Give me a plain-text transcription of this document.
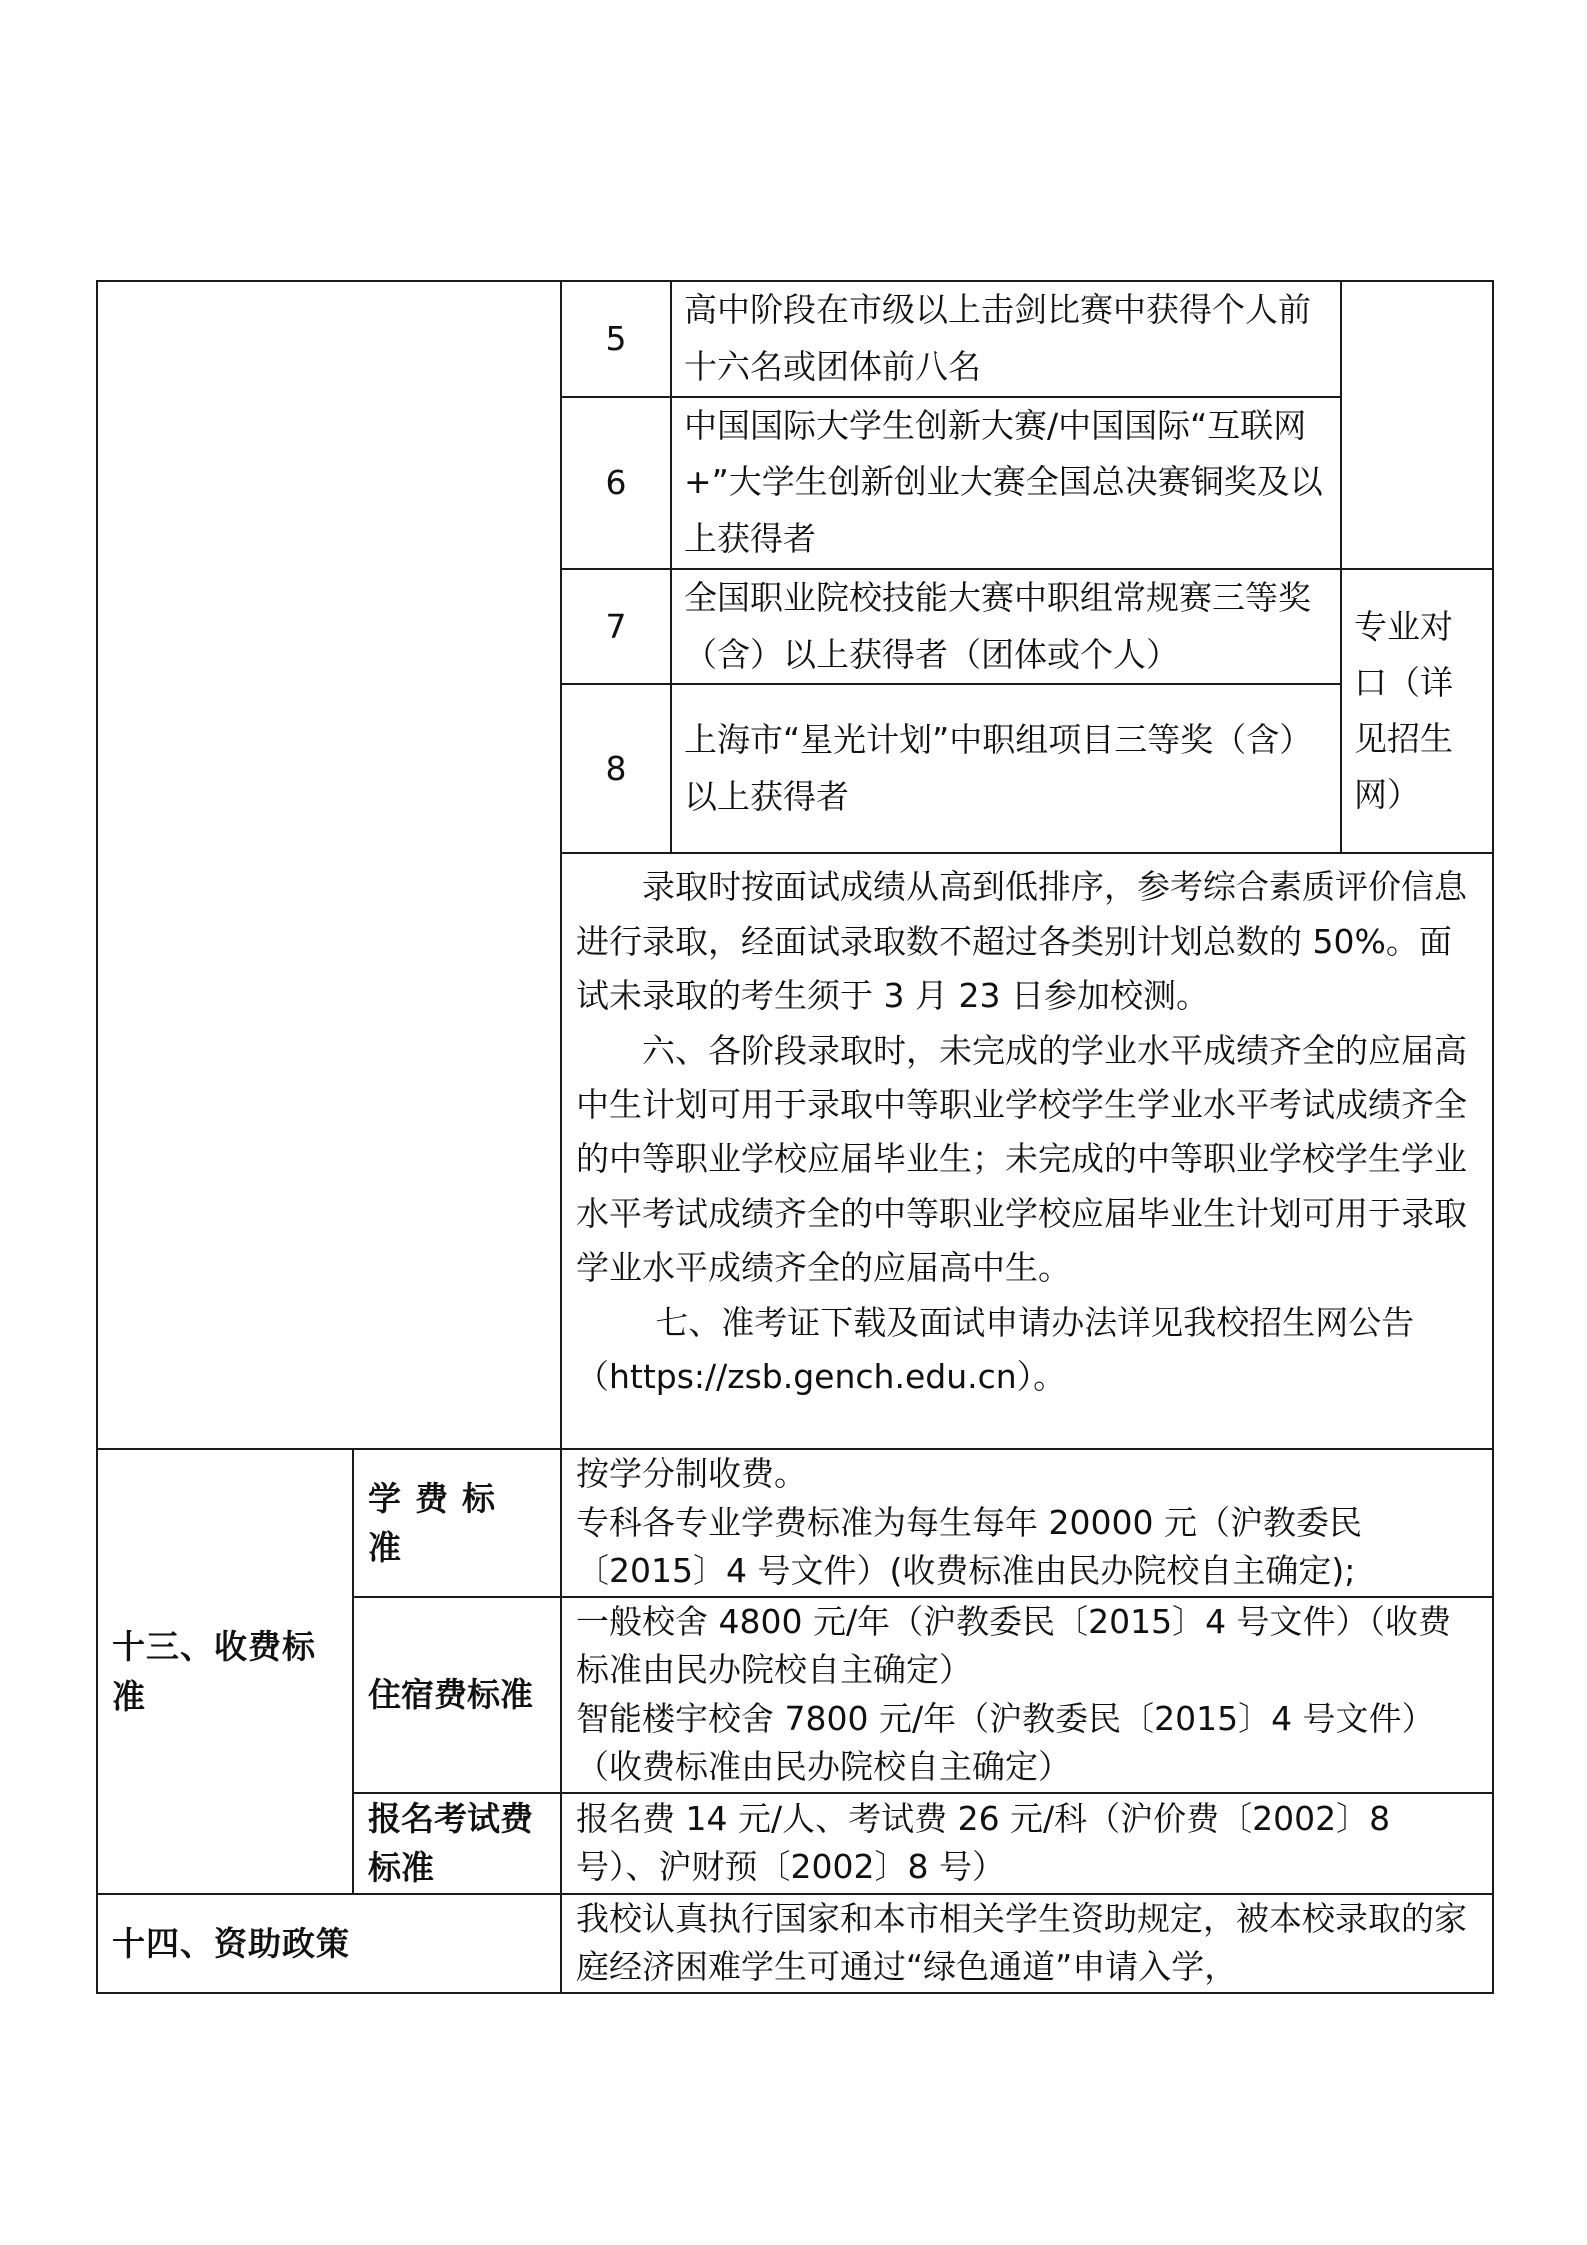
		5	高中阶段在市级以上击剑比赛中获得个人前十六名或团体前八名	
		6	中国国际大学生创新大赛/中国国际“互联网+”大学生创新创业大赛全国总决赛铜奖及以上获得者	
		7	全国职业院校技能大赛中职组常规赛三等奖（含）以上获得者（团体或个人）	专业对口（详见招生网）
		8	上海市“星光计划”中职组项目三等奖（含）以上获得者	

		录取时按面试成绩从高到低排序，参考综合素质评价信息进行录取，经面试录取数不超过各类别计划总数的 50%。面试未录取的考生须于 3 月 23 日参加校测。

六、各阶段录取时，未完成的学业水平成绩齐全的应届高中生计划可用于录取中等职业学校学生学业水平考试成绩齐全的中等职业学校应届毕业生；未完成的中等职业学校学生学业水平考试成绩齐全的中等职业学校应届毕业生计划可用于录取学业水平成绩齐全的应届高中生。

七、准考证下载及面试申请办法详见我校招生网公告（https://zsb.gench.edu.cn）。		

十三、收费标准	学费标准	按学分制收费。
专科各专业学费标准为每生每年 20000 元（沪教委民〔2015〕4 号文件）(收费标准由民办院校自主确定);		

	住宿费标准	一般校舍 4800 元/年（沪教委民〔2015〕4 号文件）（收费标准由民办院校自主确定）
智能楼宇校舍 7800 元/年（沪教委民〔2015〕4 号文件）（收费标准由民办院校自主确定）		

	报名考试费标准	报名费 14 元/人、考试费 26 元/科（沪价费〔2002〕8 号）、沪财预〔2002〕8 号）		
十四、资助政策		我校认真执行国家和本市相关学生资助规定，被本校录取的家庭经济困难学生可通过“绿色通道”申请入学，		
